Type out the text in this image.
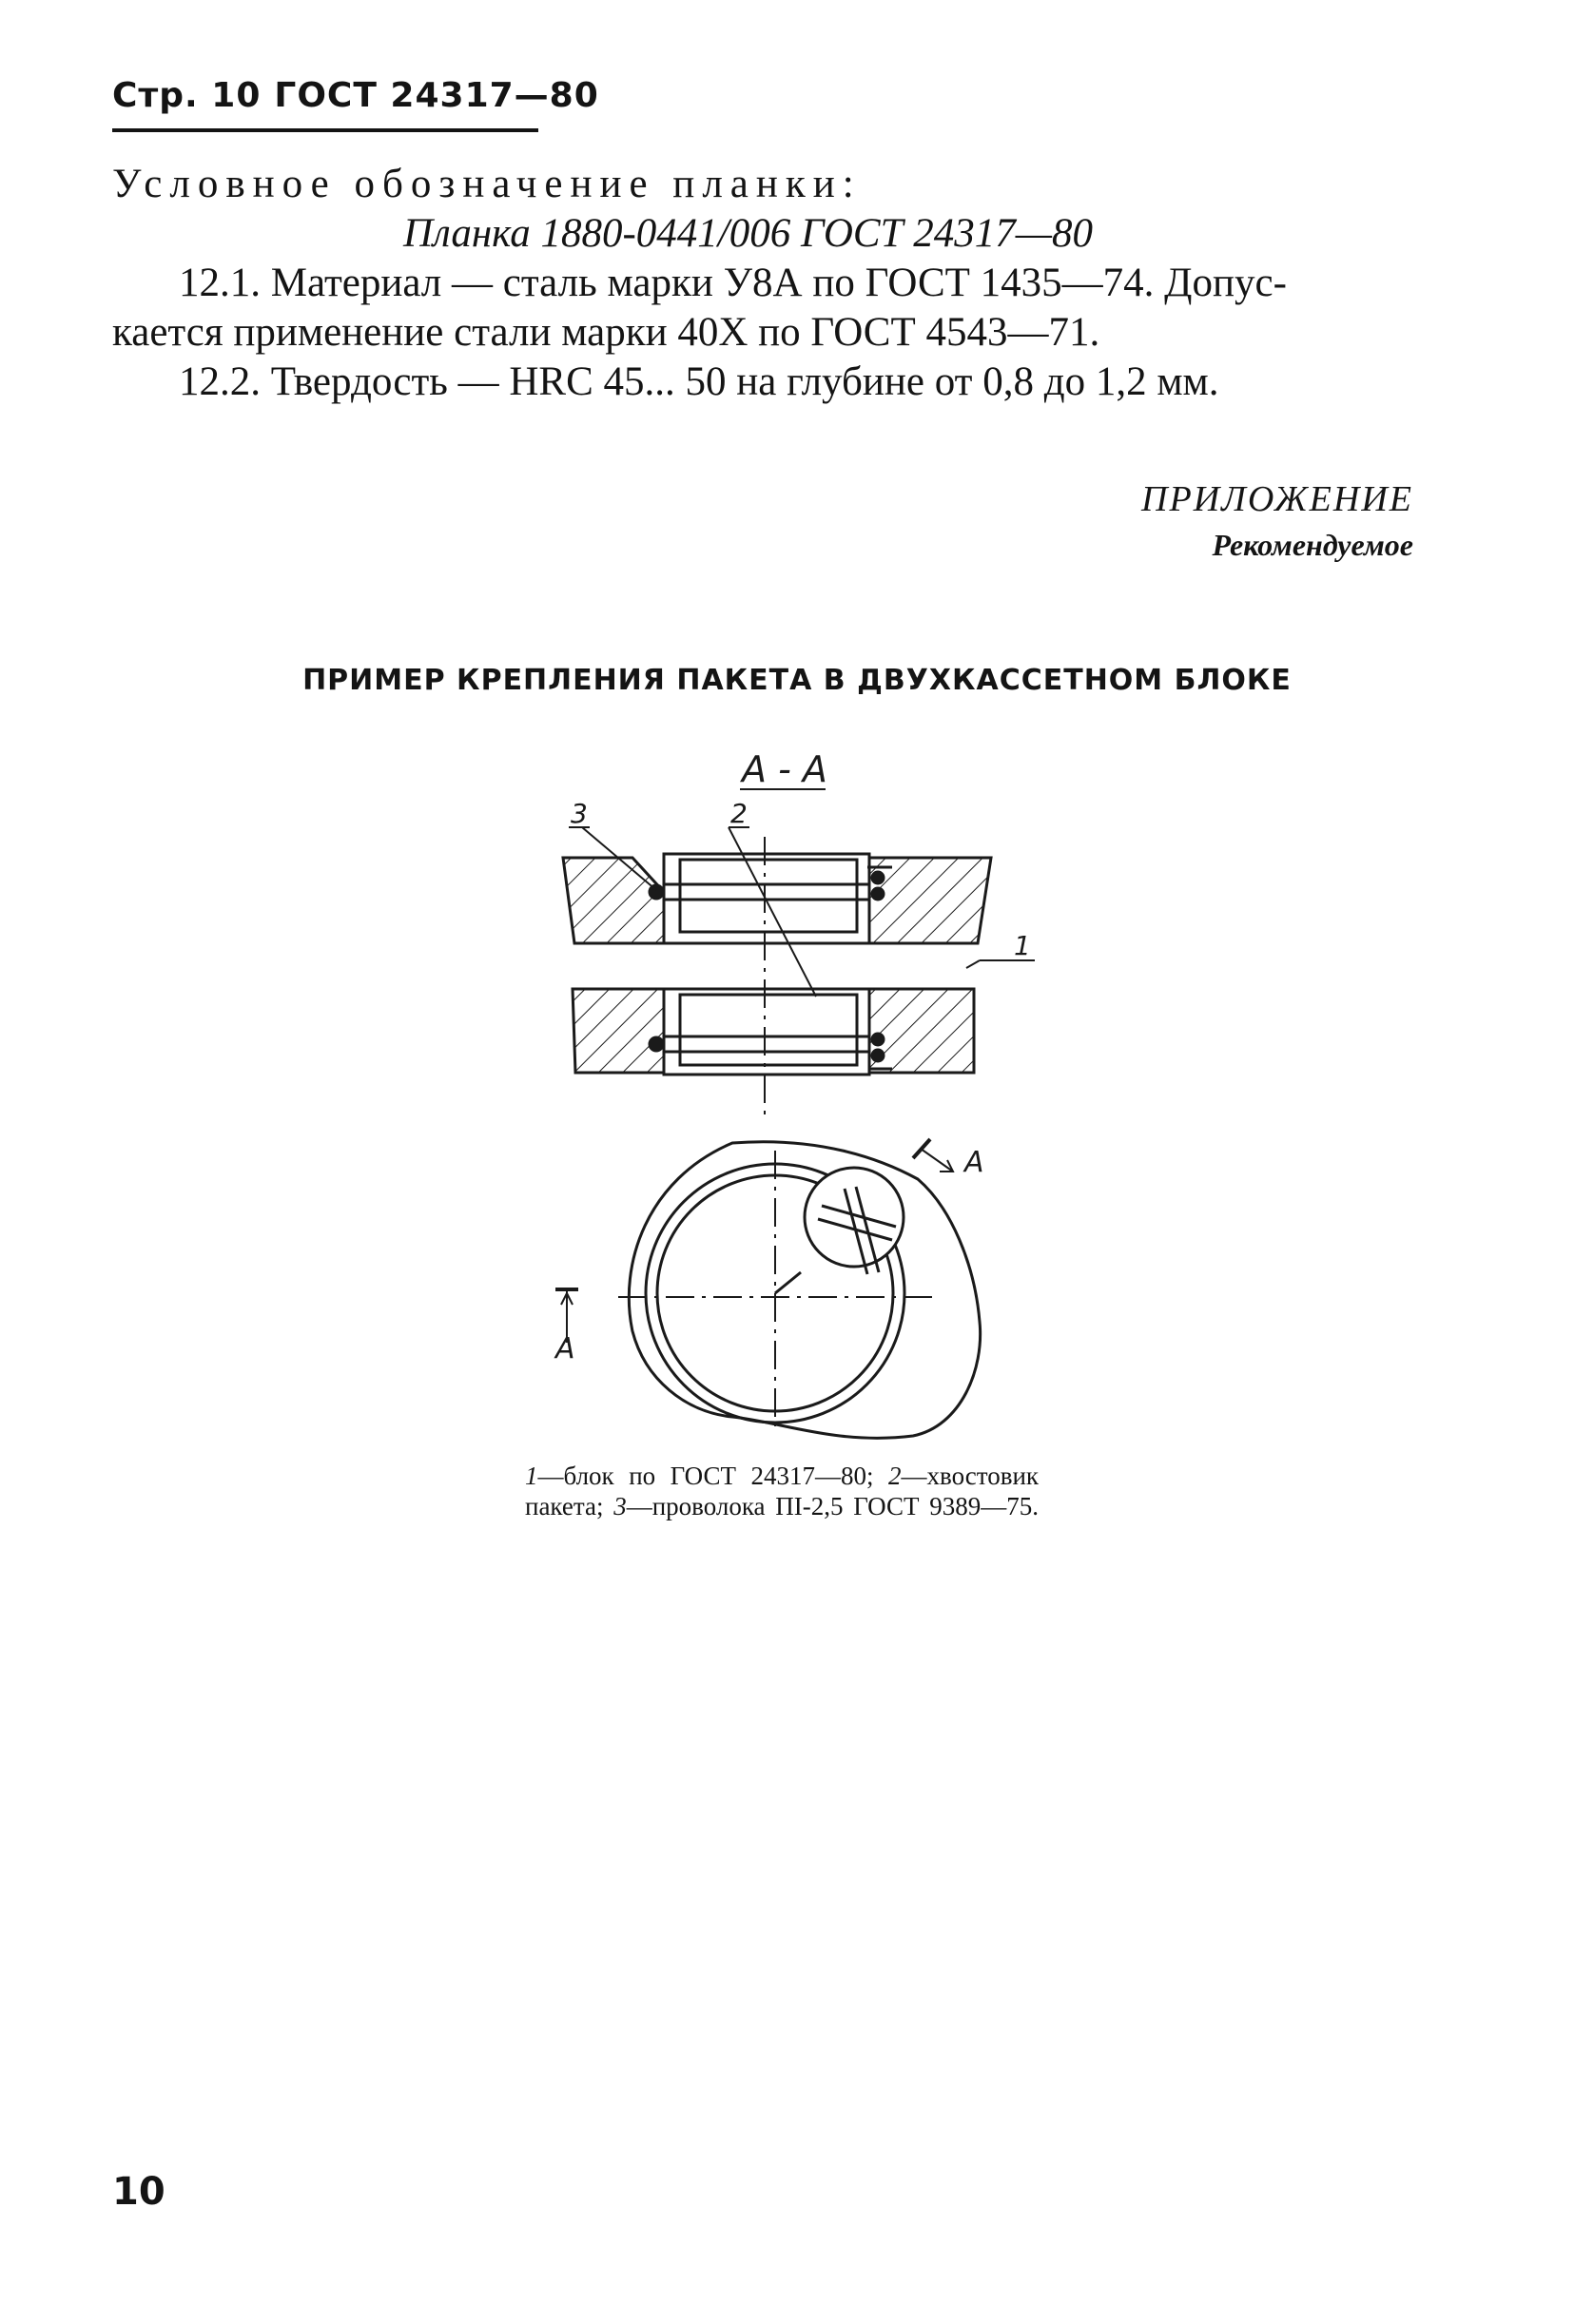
Стр. 10 ГОСТ 24317—80
Условное обозначение планки:
Планка 1880-0441/006 ГОСТ 24317—80
12.1. Материал — сталь марки У8А по ГОСТ 1435—74. Допус-
кается применение стали марки 40Х по ГОСТ 4543—71.
12.2. Твердость — HRC 45... 50 на глубине от 0,8 до 1,2 мм.
ПРИЛОЖЕНИЕ
Рекомендуемое
ПРИМЕР КРЕПЛЕНИЯ ПАКЕТА В ДВУХКАССЕТНОМ БЛОКЕ
А - А
3	2
1
А
А
1—блок по ГОСТ 24317—80; 2—хвостовик пакета; 3—проволока ПI-2,5 ГОСТ 9389—75.
10
